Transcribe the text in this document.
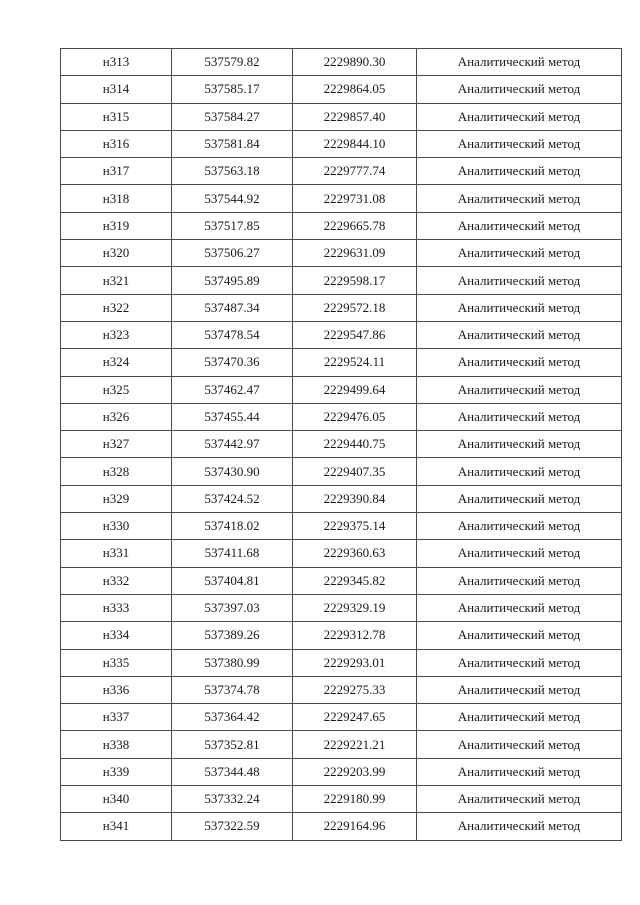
н313	537579.82	2229890.30	Аналитический метод
н314	537585.17	2229864.05	Аналитический метод
н315	537584.27	2229857.40	Аналитический метод
н316	537581.84	2229844.10	Аналитический метод
н317	537563.18	2229777.74	Аналитический метод
н318	537544.92	2229731.08	Аналитический метод
н319	537517.85	2229665.78	Аналитический метод
н320	537506.27	2229631.09	Аналитический метод
н321	537495.89	2229598.17	Аналитический метод
н322	537487.34	2229572.18	Аналитический метод
н323	537478.54	2229547.86	Аналитический метод
н324	537470.36	2229524.11	Аналитический метод
н325	537462.47	2229499.64	Аналитический метод
н326	537455.44	2229476.05	Аналитический метод
н327	537442.97	2229440.75	Аналитический метод
н328	537430.90	2229407.35	Аналитический метод
н329	537424.52	2229390.84	Аналитический метод
н330	537418.02	2229375.14	Аналитический метод
н331	537411.68	2229360.63	Аналитический метод
н332	537404.81	2229345.82	Аналитический метод
н333	537397.03	2229329.19	Аналитический метод
н334	537389.26	2229312.78	Аналитический метод
н335	537380.99	2229293.01	Аналитический метод
н336	537374.78	2229275.33	Аналитический метод
н337	537364.42	2229247.65	Аналитический метод
н338	537352.81	2229221.21	Аналитический метод
н339	537344.48	2229203.99	Аналитический метод
н340	537332.24	2229180.99	Аналитический метод
н341	537322.59	2229164.96	Аналитический метод
